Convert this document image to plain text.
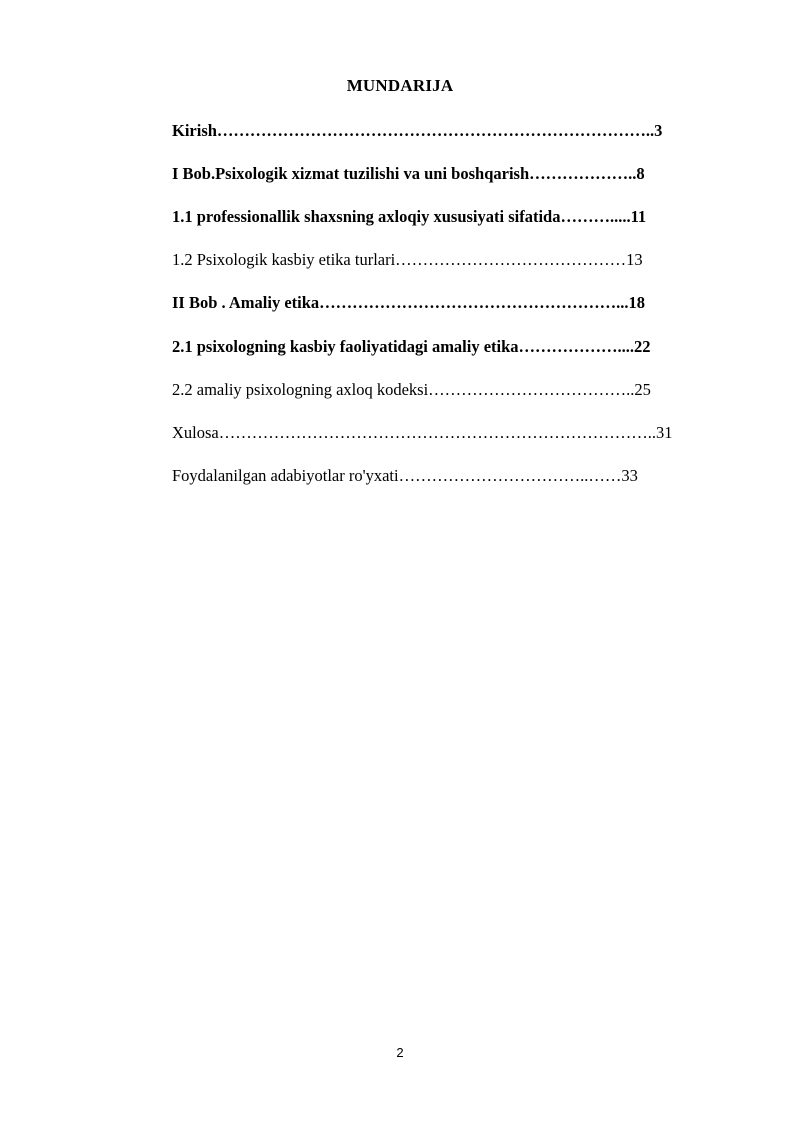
MUNDARIJA
Kirish……………………………………………………………………..3
I Bob.Psixologik xizmat tuzilishi va uni boshqarish………………..8
1.1 professionallik shaxsning axloqiy xususiyati sifatida……….....11
1.2 Psixologik kasbiy etika turlari……………………………………13
II Bob . Amaliy etika………………………………………………...18
2.1 psixologning kasbiy faoliyatidagi amaliy etika………………....22
2.2 amaliy psixologning axloq kodeksi………………………………..25
Xulosa……………………………………………………………………..31
Foydalanilgan adabiyotlar ro'yxati……………………………..……33
2
